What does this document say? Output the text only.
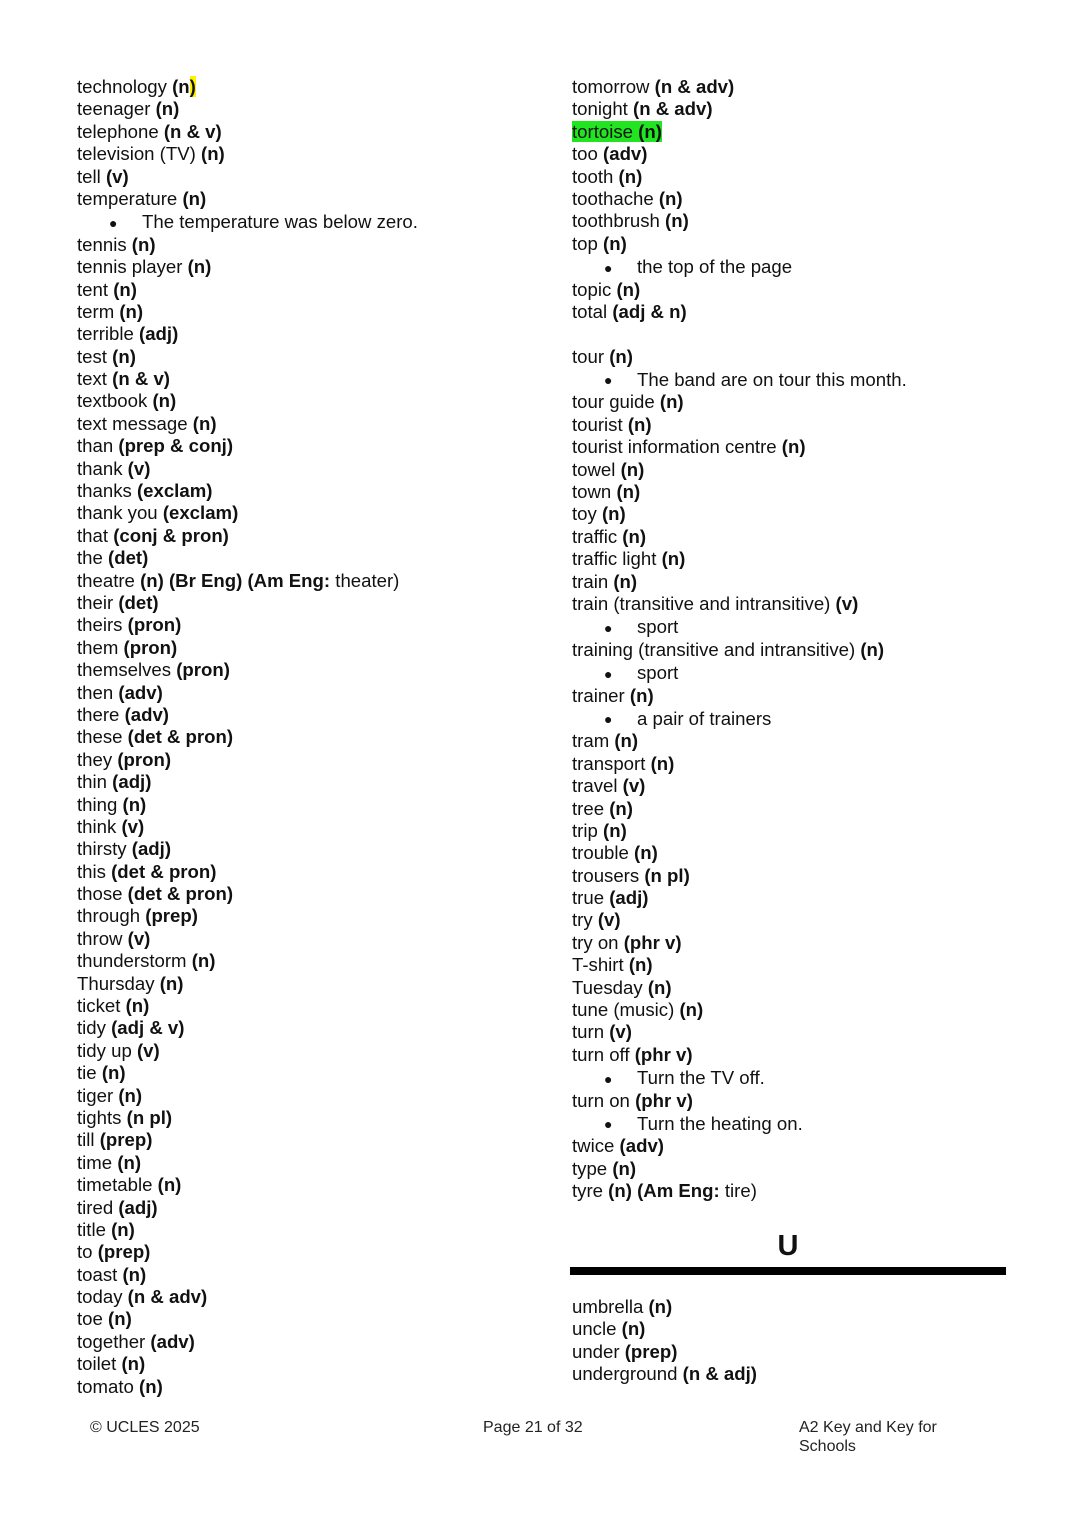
technology (n)
teenager (n)
telephone (n & v)
television (TV) (n)
tell (v)
temperature (n)
● The temperature was below zero.
tennis (n)
tennis player (n)
tent (n)
term (n)
terrible (adj)
test (n)
text (n & v)
textbook (n)
text message (n)
than (prep & conj)
thank (v)
thanks (exclam)
thank you (exclam)
that (conj & pron)
the (det)
theatre (n) (Br Eng) (Am Eng: theater)
their (det)
theirs (pron)
them (pron)
themselves (pron)
then (adv)
there (adv)
these (det & pron)
they (pron)
thin (adj)
thing (n)
think (v)
thirsty (adj)
this (det & pron)
those (det & pron)
through (prep)
throw (v)
thunderstorm (n)
Thursday (n)
ticket (n)
tidy (adj & v)
tidy up (v)
tie (n)
tiger (n)
tights (n pl)
till (prep)
time (n)
timetable (n)
tired (adj)
title (n)
to (prep)
toast (n)
today (n & adv)
toe (n)
together (adv)
toilet (n)
tomato (n)
tomorrow (n & adv)
tonight (n & adv)
tortoise (n)
too (adv)
tooth (n)
toothache (n)
toothbrush (n)
top (n)
● the top of the page
topic (n)
total (adj & n)
tour (n)
● The band are on tour this month.
tour guide (n)
tourist (n)
tourist information centre (n)
towel (n)
town (n)
toy (n)
traffic (n)
traffic light (n)
train (n)
train (transitive and intransitive) (v)
● sport
training (transitive and intransitive) (n)
● sport
trainer (n)
● a pair of trainers
tram (n)
transport (n)
travel (v)
tree (n)
trip (n)
trouble (n)
trousers (n pl)
true (adj)
try (v)
try on (phr v)
T-shirt (n)
Tuesday (n)
tune (music) (n)
turn (v)
turn off (phr v)
● Turn the TV off.
turn on (phr v)
● Turn the heating on.
twice (adv)
type (n)
tyre (n) (Am Eng: tire)
U
umbrella (n)
uncle (n)
under (prep)
underground (n & adj)
© UCLES 2025	Page 21 of 32	A2 Key and Key for Schools
